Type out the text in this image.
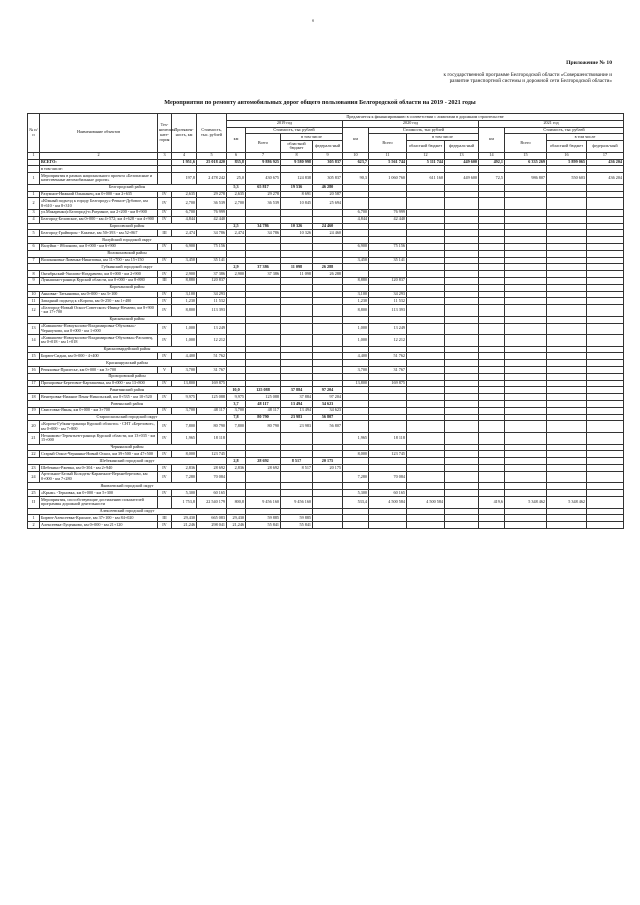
б
Приложение № 10
к государственной программе Белгородской области «Совершенствование и
развитие транспортной системы и дорожной сети Белгородской области»
Мероприятия по ремонту автомобильных дорог общего пользования Белгородской области на 2019 - 2021 годы
№ п/п	Наименование объектов	Тех-ническая кате-гория	Протяжен-ность, км	Стоимость, тыс. рублей	Предлагается к финансированию в соответствии с лимитами в дорожном строительстве											
					2019 год				2020 год				2021 год			
					км	Стоимость, тыс рублей			км	Стоимость, тыс рублей			км	Стоимость, тыс рублей		
						Всего	в том числе			Всего	в том числе			Всего	в том числе	
							областной бюджет	федераль-ный			областной бюджет	федераль-ный			областной бюджет	федераль-ный
1	2	3	4	5	6	7	8	9	10	11	12	13	14	15	16	17
	ВСЕГО:		1 951,6	25 018 420	835,8	9 886 925	9 580 998	305 837	623,7	5 561 744	5 111 744	449 600	492,1	6 335 269	5 899 065	436 204
	в том числе:															
1	Мероприятия в рамках национального проекта «Безопасные и качественные автомобильные дороги»		197,8	2 478 242	25,0	430 675	124 838	305 837	90,3	1 060 760	611 160	449 600	72,5	986 807	550 603	436 204
Белгородский район					5,3	65 817	19 536	46 280								
1	Разумное-Нижний Ольшанец, км 0+000 - км 2+635	IV	2,635	29 278	2,635	29 278	8 691	20 587								
2	«Южный подъезд к городу Белгороду»-Репное-Дубовое, км 8+610 - км 8+310	IV	2,700	36 539	2,700	36 539	10 845	25 694								
3	ул.Макаренко(г.Белгород)-п.Разумное, км 2+200 - км 8+900	IV	6,700	76 999					6,700	76 999						
4	Белгород-Беловское, км 0+000 - км 4+572; км 4+628 - км 4+900	IV	4,844	42 440					4,844	42 440						
Борисовский район					2,5	34 786	10 326	24 460								
5	Белгород-Грайворон - Казачье, км 50+393 - км 52+867	III	2,474	34 786	2,474	34 786	10 326	24 460								
Валуйский городской округ																
6	Валуйки - Яблоново, км 0+000 - км 6+900	IV	6,900	75 156					6,900	75 156						
Волоконовский район																
7	Волоконовка-Ливенка-Никитовка, км 11+700 - км 15+150	IV	3,450	35 141					3,450	35 141						
Губкинский городской округ					2,9	37 386	11 098	26 288								
8	Октябрьский-Уколово-Ноздрачево, км 0+000 - км 2+900	IV	2,900	37 386	2,900	37 386	11 098	26 288								
9	Луньшино-граница Курской области, км 0+000 - км 8+880	III	8,880	120 837					8,880	120 837						
Корочанский район																
10	Анновка- Татьяновка, км 0+000 - км 3+100	IV	3,100	34 293					3,100	34 293						
11	Западный подъезд к г.Короча, км 0+250 - км 1+480	IV	1,230	11 532					1,230	11 532						
12	«Белгород-Новый Оскол-Советское»-Ивица-Нечаево, км 8+900 - км 17+700	IV	8,800	113 393					8,800	113 393						
Красненский район																
13	«Камышево-Новоуколово-Владимировка-Обуховка»-Черноучово, км 0+000 - км 1+000	IV	1,000	13 249					1,000	13 249						
14	«Камышево-Новоуколово-Владимировка-Обуховка»-Расховец, км 0+018 - км 1+018	IV	1,000	12 212					1,000	12 212						
Красногвардейский район																
15	Бирюч-Сидни, км 0+000 - 4+400	IV	4,400	51 762					4,400	51 762						
Краснояружский район																
16	Репяховка-Прилесье, км 0+000 - км 3+700	V	3,700	31 767					3,700	31 767						
Прохоровский район																
17	Прохоровка-Береговое-Карташевка, км 0+000 - км 13+800	IV	13,800	169 875					13,800	169 875						
Ракитянский район					10,0	125 088	37 884	97 204								
18	Венгеровка-Нижние Пены-Никольский, км 0+535 - км 10+520	IV	9,975	125 088	9,975	125 088	37 884	97 204								
Ровеньский район					3,7	48 117	13 494	34 623								
19	Свистовка-Ямны, км 0+000 - км 3+700	IV	3,700	48 117	3,700	48 117	13 494	34 623								
Старооскольский городской округ					7,8	80 790	23 983	56 807								
20	«Короча-Губкин-граница Курской области» - СНТ «Березовое», км 0+000 - км 7+800	IV	7,800	80 790	7,800	80 790	23 983	56 807								
21	Незнамово-Терентьев-граница Курской области, км 13+035 - км 15+000	IV	1,965	18 118					1,965	18 118						
Чернянский район																
22	Старый Оскол-Чернянка-Новый Оскол, км 39+500 - км 47+500	IV	8,000	123 745					8,000	123 745						
Шебекинский городской округ					2,8	28 692	8 517	20 175								
23	Шебекино-Ржевка, км 0+304 - км 2+940	IV	2,836	28 692	2,836	28 692	8 517	20 175								
24	Артельное-Белый Колодезь-Караичное-Верхнеберезово, км 0+000 - км 7+280	IV	7,280	70 084					7,280	70 084						
Яковлевский городской округ																
25	«Крым» -Терновка, км 0+000 - км 5+300	IV	5,300	60 165					5,300	60 165						
II	Мероприятия, способствующие достижению показателей программы дорожной деятельности		1 753,8	22 540 179	800,8	9 456 160	9 456 160		533,4	4 500 584	4 500 584		419,6	5 348 462	5 348 462	
Алексеевский городской округ																
1	Бирюч-Алексеевка-Красное, км 37+100 - км 84+020	III	29,430	665 083	29,430	59 885	59 885									
2	Алексеевка-Луценково, км 0+000 - км 21+120	IV	21,246	298 041	21,246	55 841	55 841									
